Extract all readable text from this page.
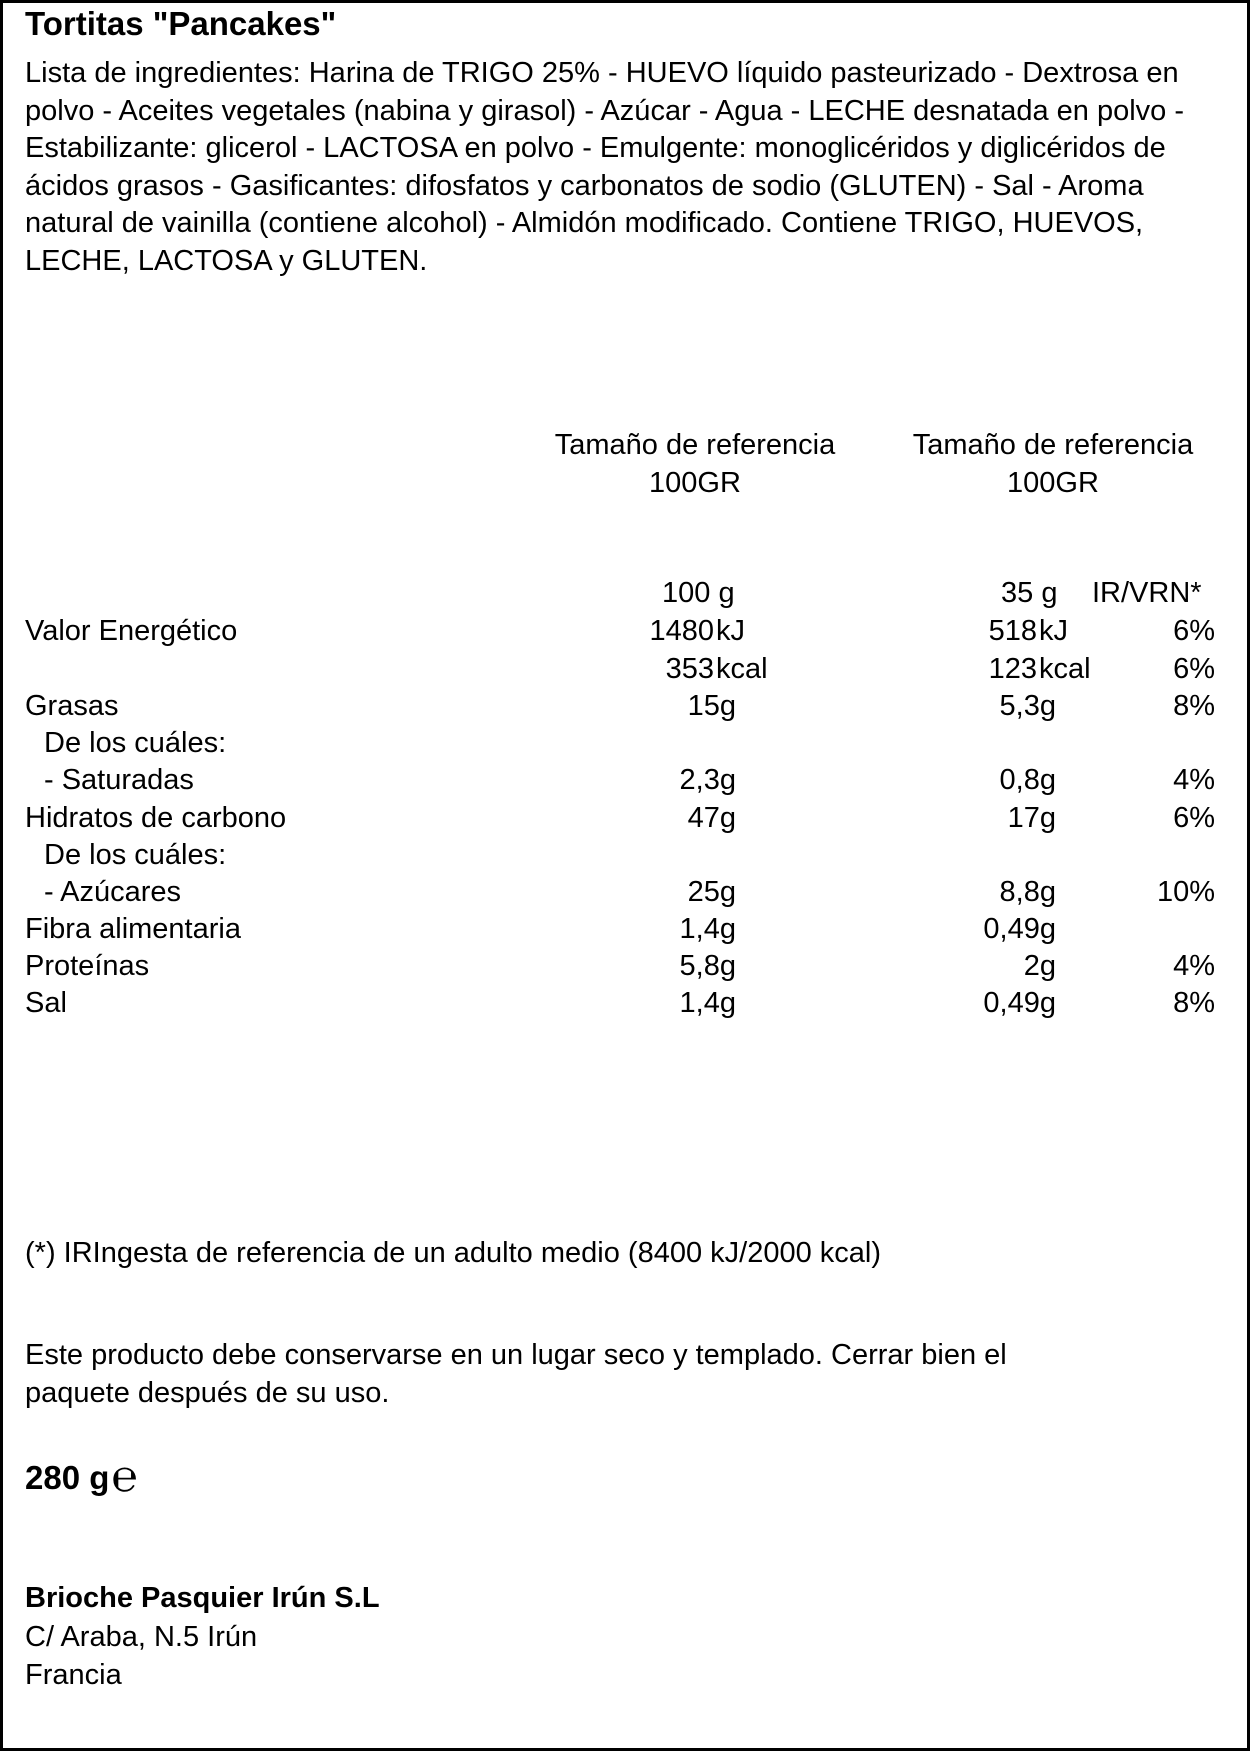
Tortitas "Pancakes"
Lista de ingredientes: Harina de TRIGO 25% - HUEVO líquido pasteurizado - Dextrosa en polvo - Aceites vegetales (nabina y girasol) - Azúcar - Agua - LECHE desnatada en polvo - Estabilizante: glicerol - LACTOSA en polvo - Emulgente: monoglicéridos y diglicéridos de ácidos grasos - Gasificantes: difosfatos y carbonatos de sodio (GLUTEN) - Sal - Aroma natural de vainilla (contiene alcohol) - Almidón modificado. Contiene TRIGO, HUEVOS, LECHE, LACTOSA y GLUTEN.
Tamaño de referencia
100GR
Tamaño de referencia
100GR
100 g	35 g IR/VRN*
Valor Energético	1480 kJ	518 kJ	6%
353 kcal	123 kcal	6%
Grasas	15g	5,3g	8%
De los cuáles:
- Saturadas	2,3g	0,8g	4%
Hidratos de carbono	47g	17g	6%
De los cuáles:
- Azúcares	25g	8,8g	10%
Fibra alimentaria	1,4g	0,49g
Proteínas	5,8g	2g	4%
Sal	1,4g	0,49g	8%
(*) IRIngesta de referencia de un adulto medio (8400 kJ/2000 kcal)
Este producto debe conservarse en un lugar seco y templado. Cerrar bien el
paquete después de su uso.
280 g℮
Brioche Pasquier Irún S.L
C/ Araba, N.5 Irún
Francia
